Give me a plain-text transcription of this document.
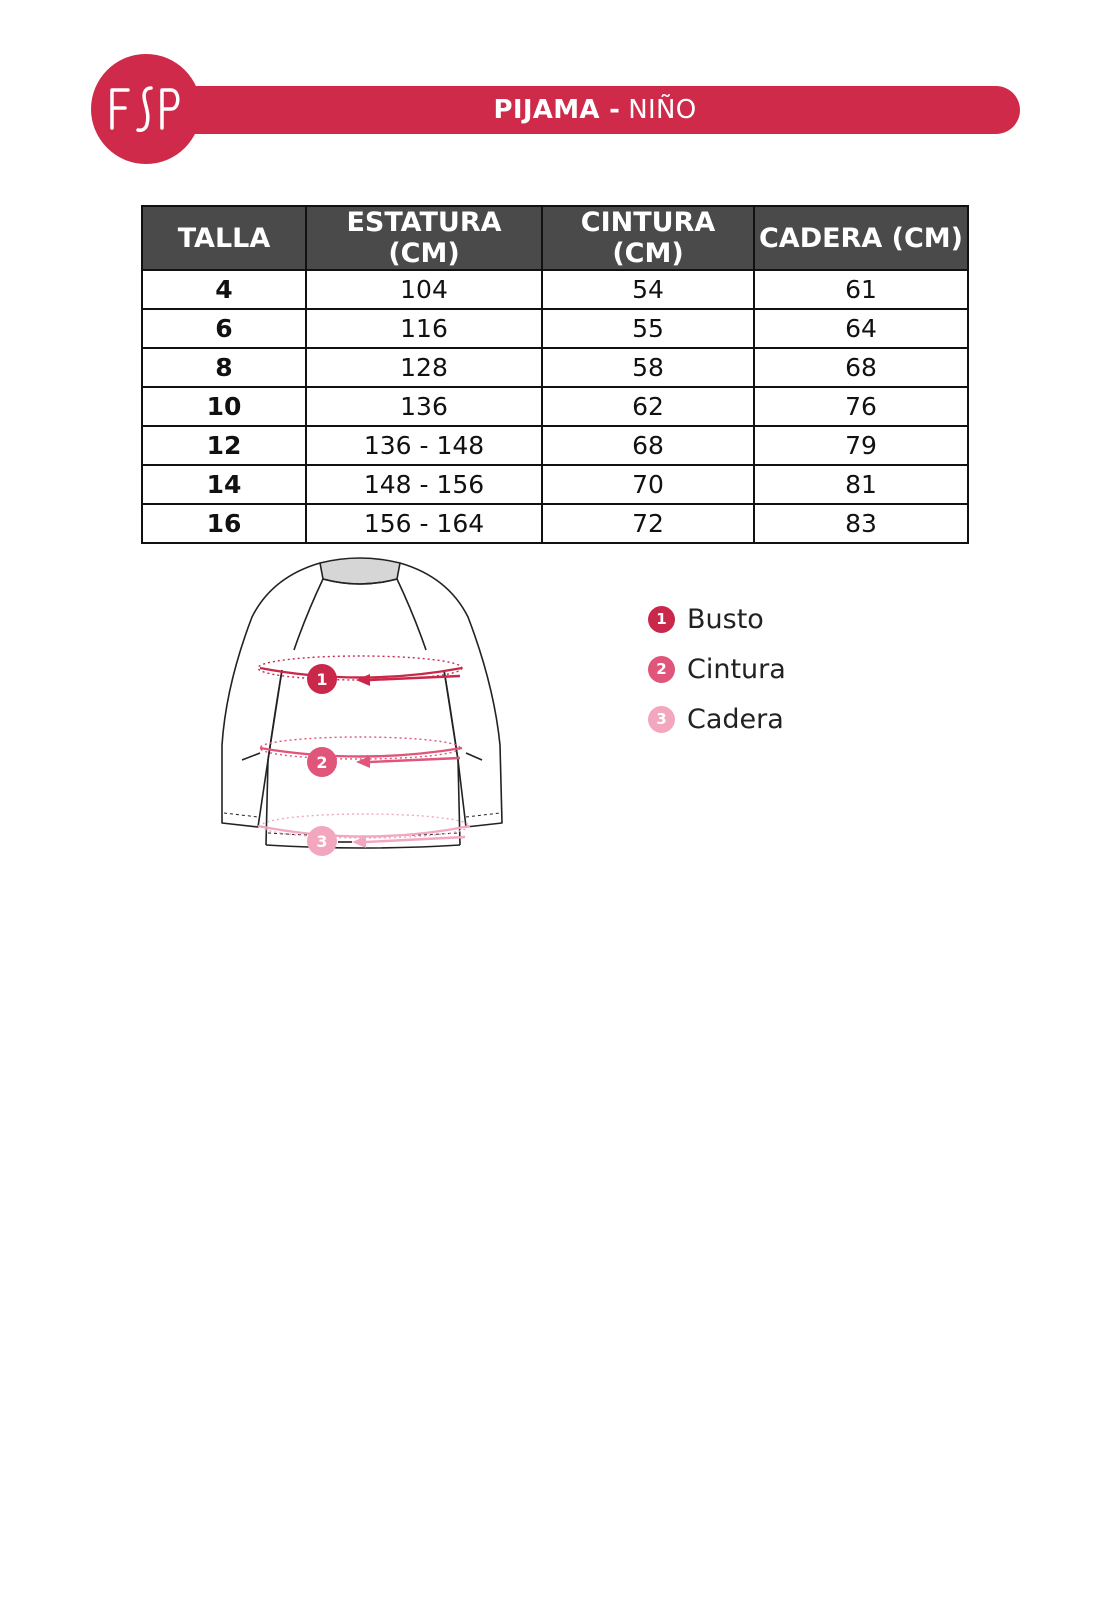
PIJAMA - NIÑO
TALLA	ESTATURA (CM)	CINTURA (CM)	CADERA (CM)
4	104	54	61
6	116	55	64
8	128	58	68
10	136	62	76
12	136 - 148	68	79
14	148 - 156	70	81
16	156 - 164	72	83
1
2
3
1 Busto
2 Cintura
3 Cadera
